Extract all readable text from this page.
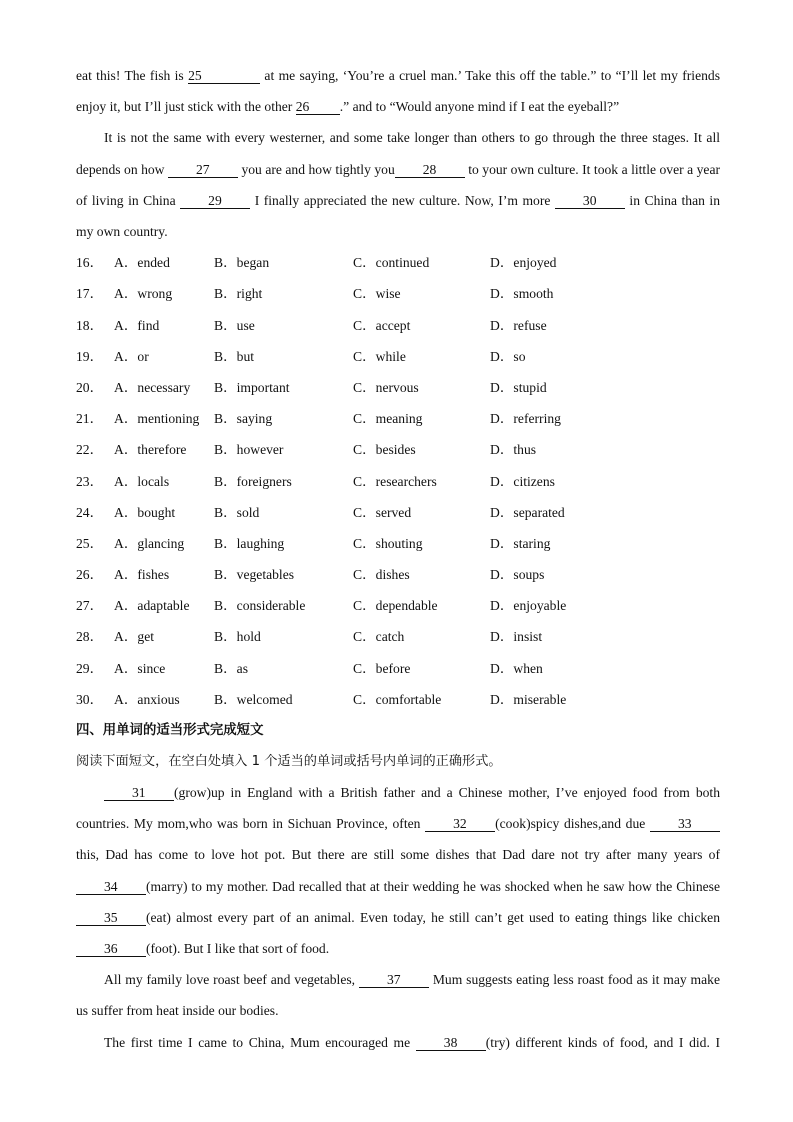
eat this! The fish is 25	at me saying, ‘You’re a cruel man.’ Take this off the table.” to “I’ll let my friends enjoy it, but I’ll just stick with the other 26 .” and to “Would anyone mind if I eat the eyeball?”

It is not the same with every westerner, and some take longer than others to go through the three stages. It all depends on how 27 you are and how tightly you 28 to your own culture. It took a little over a year of living in China 29 I finally appreciated the new culture. Now, I’m more 30 in China than in my own country.

16． A．ended	B．began	C．continued	D．enjoyed
17． A．wrong	B．right	C．wise	D．smooth
18． A．find	B．use	C．accept	D．refuse
19． A．or	B．but	C．while	D．so
20． A．necessary B．important	C．nervous	D．stupid
21． A．mentioning B．saying	C．meaning	D．referring
22． A．therefore B．however	C．besides	D．thus
23． A．locals	B．foreigners	C．researchers	D．citizens
24． A．bought	B．sold	C．served	D．separated
25． A．glancing B．laughing	C．shouting	D．staring
26． A．fishes	B．vegetables	C．dishes	D．soups
27． A．adaptable B．considerable	C．dependable	D．enjoyable
28． A．get	B．hold	C．catch	D．insist
29． A．since	B．as	C．before	D．when
30． A．anxious	B．welcomed	C．comfortable	D．miserable

四、用单词的适当形式完成短文

阅读下面短文，在空白处填入 1 个适当的单词或括号内单词的正确形式。

31 (grow)up in England with a British father and a Chinese mother, I’ve enjoyed food from both countries. My mom,who was born in Sichuan Province, often 32 (cook)spicy dishes,and due 33 this, Dad has come to love hot pot. But there are still some dishes that Dad dare not try after many years of 34 (marry) to my mother. Dad recalled that at their wedding he was shocked when he saw how the Chinese 35 (eat) almost every part of an animal. Even today, he still can’t get used to eating things like chicken 36 (foot). But I like that sort of food.

All my family love roast beef and vegetables, 37 Mum suggests eating less roast food as it may make us suffer from heat inside our bodies.

The first time I came to China, Mum encouraged me 38 (try) different kinds of food, and I did. I
